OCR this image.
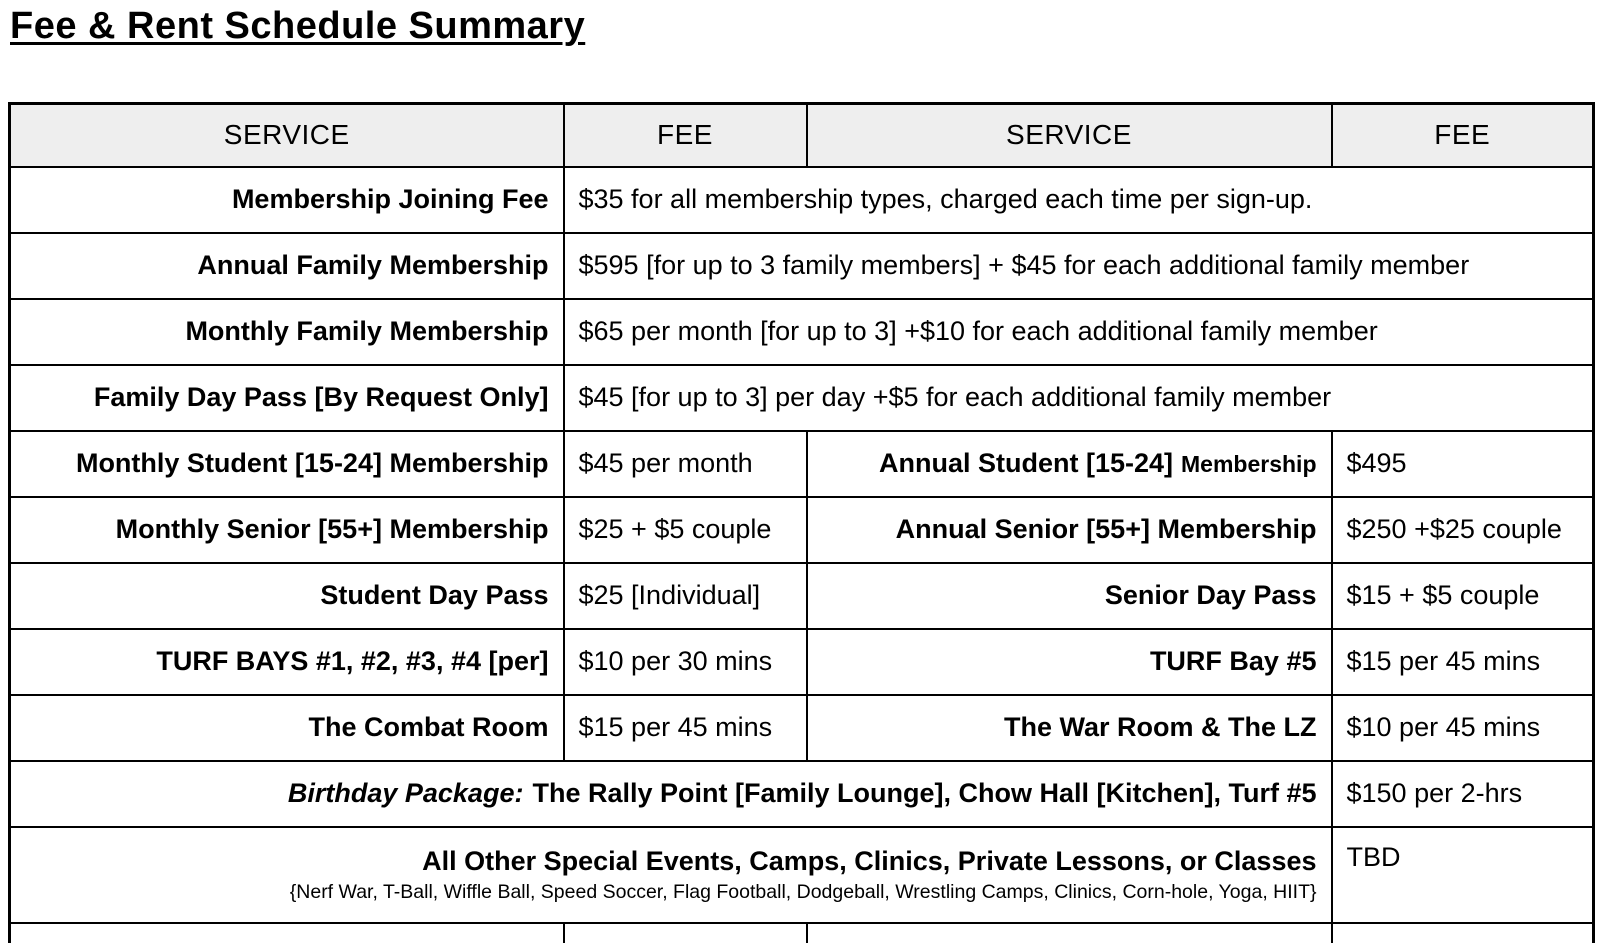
Fee & Rent Schedule Summary
SERVICE	FEE	SERVICE	FEE
Membership Joining Fee	$35 for all membership types, charged each time per sign-up.		
Annual Family Membership	$595 [for up to 3 family members] + $45 for each additional family member		
Monthly Family Membership	$65 per month [for up to 3] +$10 for each additional family member		
Family Day Pass [By Request Only]	$45 [for up to 3] per day +$5 for each additional family member		
Monthly Student [15-24] Membership	$45 per month	Annual Student [15-24] Membership	$495
Monthly Senior [55+] Membership	$25 + $5 couple	Annual Senior [55+] Membership	$250 +$25 couple
Student Day Pass	$25 [Individual]	Senior Day Pass	$15 + $5 couple
TURF BAYS #1, #2, #3, #4 [per]	$10 per 30 mins	TURF Bay #5	$15 per 45 mins
The Combat Room	$15 per 45 mins	The War Room & The LZ	$10 per 45 mins
Birthday Package: The Rally Point [Family Lounge], Chow Hall [Kitchen], Turf #5			$150 per 2-hrs

All Other Special Events, Camps, Clinics, Private Lessons, or Classes
{Nerf War, T-Ball, Wiffle Ball, Speed Soccer, Flag Football, Dodgeball, Wrestling Camps, Clinics, Corn-hole, Yoga, HIIT}			TBD
